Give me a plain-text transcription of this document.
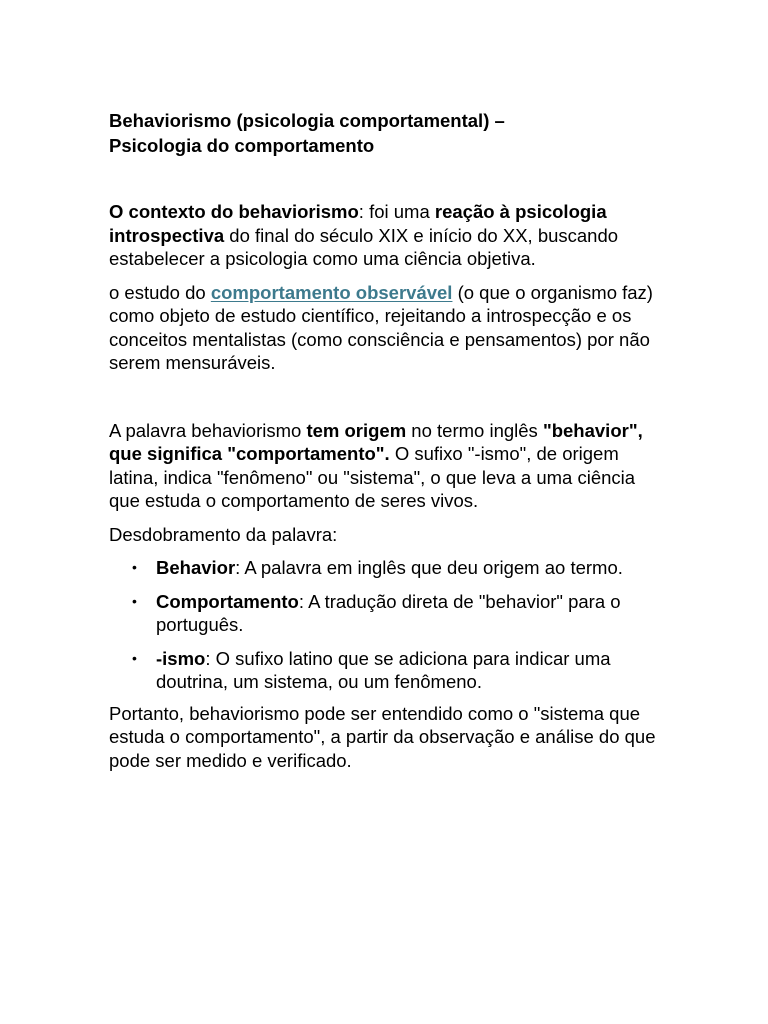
Behaviorismo (psicologia comportamental) –
Psicologia do comportamento

O contexto do behaviorismo: foi uma reação à psicologia introspectiva do final do século XIX e início do XX, buscando estabelecer a psicologia como uma ciência objetiva.

o estudo do comportamento observável (o que o organismo faz) como objeto de estudo científico, rejeitando a introspecção e os conceitos mentalistas (como consciência e pensamentos) por não serem mensuráveis.

A palavra behaviorismo tem origem no termo inglês "behavior", que significa "comportamento". O sufixo "-ismo", de origem latina, indica "fenômeno" ou "sistema", o que leva a uma ciência que estuda o comportamento de seres vivos.

Desdobramento da palavra:

• Behavior: A palavra em inglês que deu origem ao termo.
• Comportamento: A tradução direta de "behavior" para o português.
• -ismo: O sufixo latino que se adiciona para indicar uma doutrina, um sistema, ou um fenômeno.

Portanto, behaviorismo pode ser entendido como o "sistema que estuda o comportamento", a partir da observação e análise do que pode ser medido e verificado.
